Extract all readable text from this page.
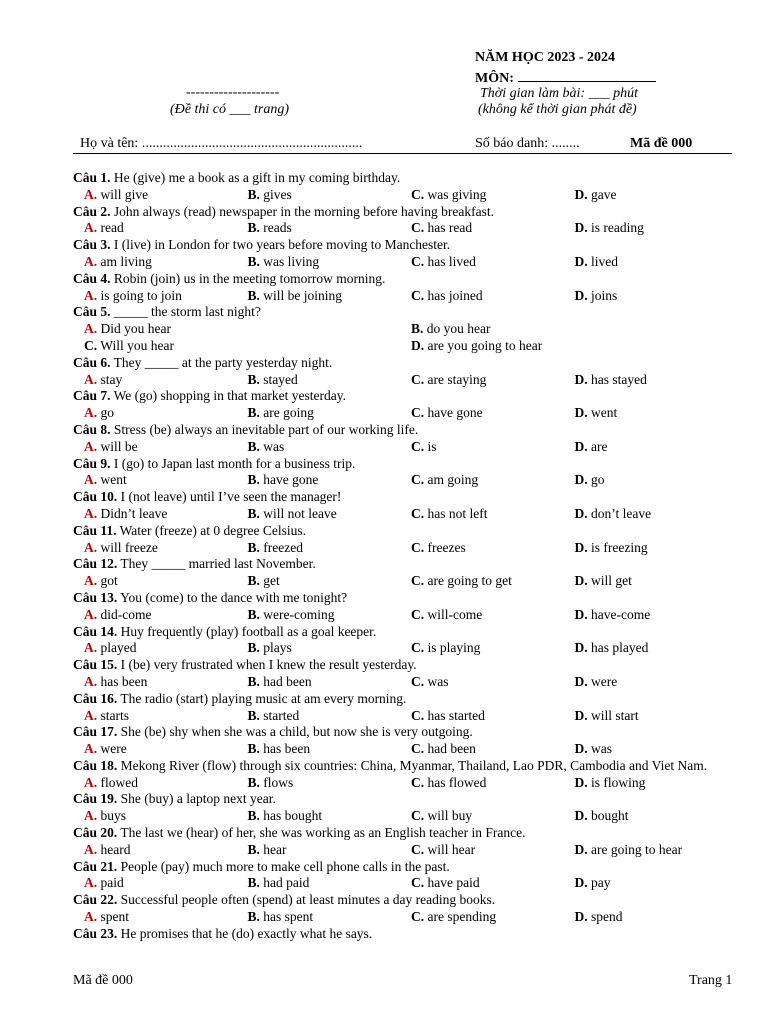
NĂM HỌC 2023 - 2024
MÔN:
--------------------
(Đề thi có ___ trang)
Thời gian làm bài: ___ phút
(không kể thời gian phát đề)
Họ và tên: ...............................................................	Số báo danh: ........	Mã đề 000
Câu 1. He (give) me a book as a gift in my coming birthday.
A. will give	B. gives	C. was giving	D. gave
Câu 2. John always (read) newspaper in the morning before having breakfast.
A. read	B. reads	C. has read	D. is reading
Câu 3. I (live) in London for two years before moving to Manchester.
A. am living	B. was living	C. has lived	D. lived
Câu 4. Robin (join) us in the meeting tomorrow morning.
A. is going to join	B. will be joining	C. has joined	D. joins
Câu 5. _____ the storm last night?
A. Did you hear	B. do you hear
C. Will you hear	D. are you going to hear
Câu 6. They _____ at the party yesterday night.
A. stay	B. stayed	C. are staying	D. has stayed
Câu 7. We (go) shopping in that market yesterday.
A. go	B. are going	C. have gone	D. went
Câu 8. Stress (be) always an inevitable part of our working life.
A. will be	B. was	C. is	D. are
Câu 9. I (go) to Japan last month for a business trip.
A. went	B. have gone	C. am going	D. go
Câu 10. I (not leave) until I’ve seen the manager!
A. Didn’t leave	B. will not leave	C. has not left	D. don’t leave
Câu 11. Water (freeze) at 0 degree Celsius.
A. will freeze	B. freezed	C. freezes	D. is freezing
Câu 12. They _____ married last November.
A. got	B. get	C. are going to get	D. will get
Câu 13. You (come) to the dance with me tonight?
A. did-come	B. were-coming	C. will-come	D. have-come
Câu 14. Huy frequently (play) football as a goal keeper.
A. played	B. plays	C. is playing	D. has played
Câu 15. I (be) very frustrated when I knew the result yesterday.
A. has been	B. had been	C. was	D. were
Câu 16. The radio (start) playing music at am every morning.
A. starts	B. started	C. has started	D. will start
Câu 17. She (be) shy when she was a child, but now she is very outgoing.
A. were	B. has been	C. had been	D. was
Câu 18. Mekong River (flow) through six countries: China, Myanmar, Thailand, Lao PDR, Cambodia and Viet Nam.
A. flowed	B. flows	C. has flowed	D. is flowing
Câu 19. She (buy) a laptop next year.
A. buys	B. has bought	C. will buy	D. bought
Câu 20. The last we (hear) of her, she was working as an English teacher in France.
A. heard	B. hear	C. will hear	D. are going to hear
Câu 21. People (pay) much more to make cell phone calls in the past.
A. paid	B. had paid	C. have paid	D. pay
Câu 22. Successful people often (spend) at least minutes a day reading books.
A. spent	B. has spent	C. are spending	D. spend
Câu 23. He promises that he (do) exactly what he says.
Mã đề 000	Trang 1
